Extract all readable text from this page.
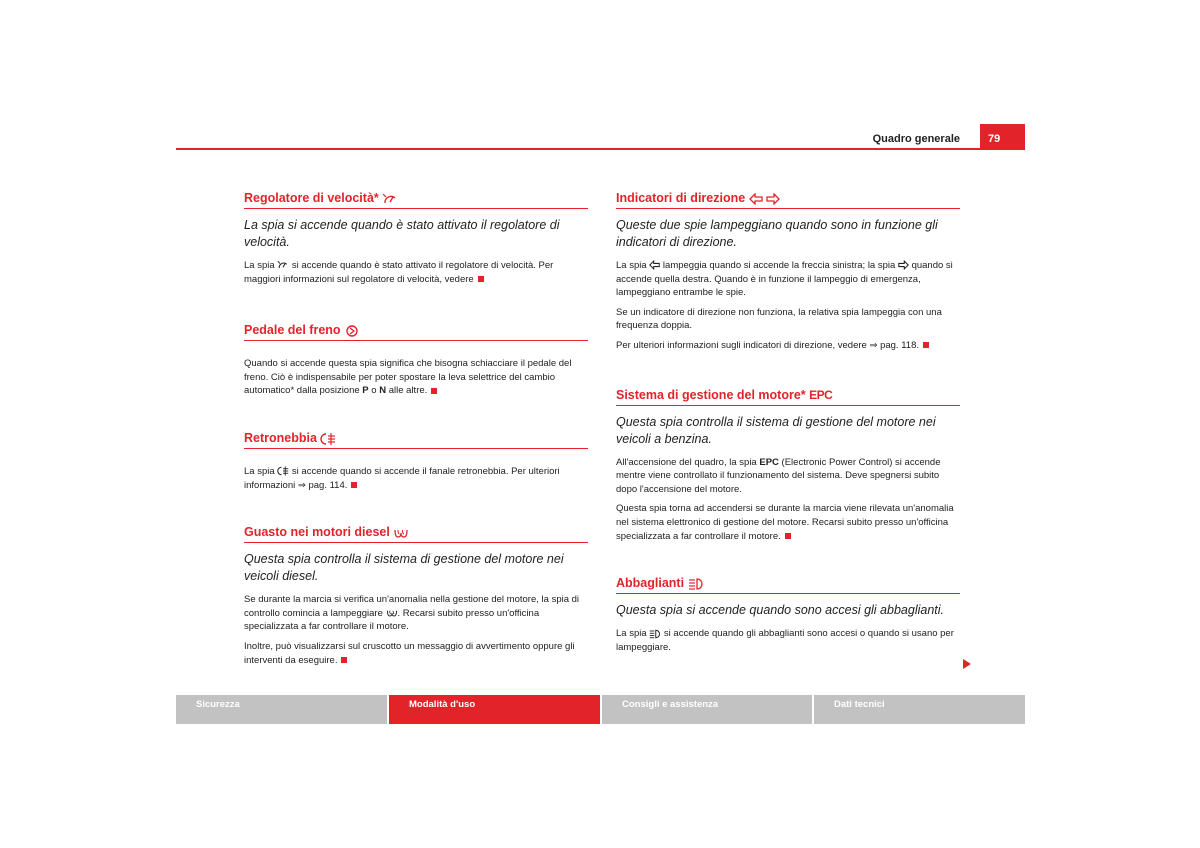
Quadro generale	79
Regolatore di velocità*

La spia si accende quando è stato attivato il regolatore di velocità.

La spia si accende quando è stato attivato il regolatore di velocità. Per maggiori informazioni sul regolatore di velocità, vedere

Pedale del freno

Quando si accende questa spia significa che bisogna schiacciare il pedale del freno. Ciò è indispensabile per poter spostare la leva selettrice del cambio automatico* dalla posizione P o N alle altre.

Retronebbia

La spia si accende quando si accende il fanale retronebbia. Per ulteriori informazioni ⇒ pag. 114.

Guasto nei motori diesel

Questa spia controlla il sistema di gestione del motore nei veicoli diesel.

Se durante la marcia si verifica un'anomalia nella gestione del motore, la spia di controllo comincia a lampeggiare . Recarsi subito presso un'officina specializzata a far controllare il motore.

Inoltre, può visualizzarsi sul cruscotto un messaggio di avvertimento oppure gli interventi da eseguire.

Indicatori di direzione

Queste due spie lampeggiano quando sono in funzione gli indicatori di direzione.

La spia lampeggia quando si accende la freccia sinistra; la spia quando si accende quella destra. Quando è in funzione il lampeggio di emergenza, lampeggiano entrambe le spie.

Se un indicatore di direzione non funziona, la relativa spia lampeggia con una frequenza doppia.

Per ulteriori informazioni sugli indicatori di direzione, vedere ⇒ pag. 118.

Sistema di gestione del motore* EPC

Questa spia controlla il sistema di gestione del motore nei veicoli a benzina.

All'accensione del quadro, la spia EPC (Electronic Power Control) si accende mentre viene controllato il funzionamento del sistema. Deve spegnersi subito dopo l'accensione del motore.

Questa spia torna ad accendersi se durante la marcia viene rilevata un'anomalia nel sistema elettronico di gestione del motore. Recarsi subito presso un'officina specializzata a far controllare il motore.

Abbaglianti

Questa spia si accende quando sono accesi gli abbaglianti.

La spia si accende quando gli abbaglianti sono accesi o quando si usano per lampeggiare.

Sicurezza	Modalità d'uso	Consigli e assistenza	Dati tecnici
